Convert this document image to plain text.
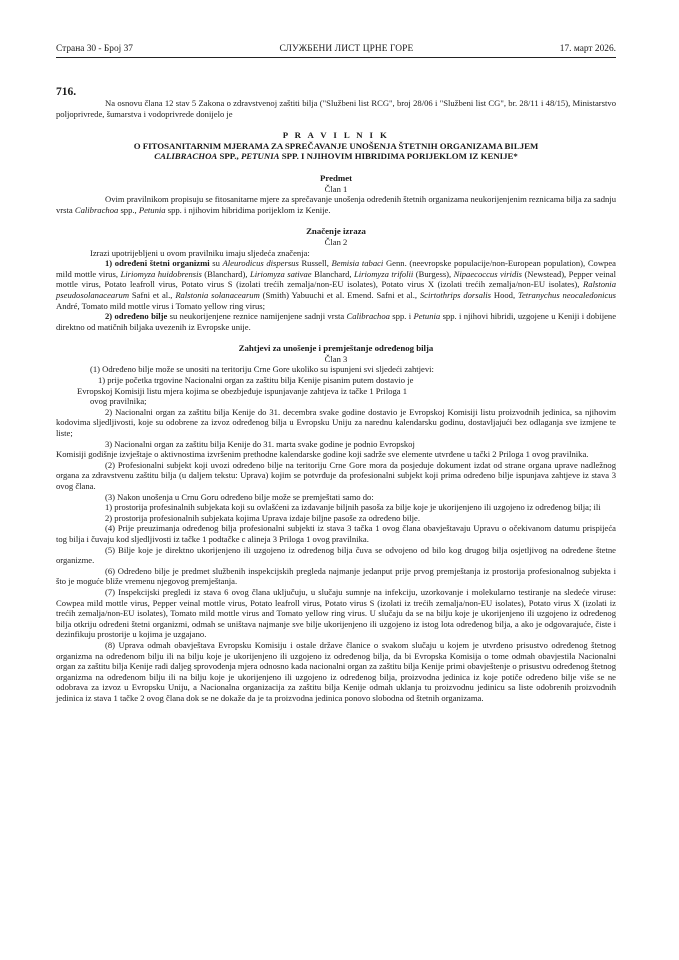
Страна 30 - Број 37	СЛУЖБЕНИ ЛИСТ ЦРНЕ ГОРЕ	17. март 2026.
716.

Na osnovu člana 12 stav 5 Zakona o zdravstvenoj zaštiti bilja ("Službeni list RCG", broj 28/06 i "Službeni list CG", br. 28/11 i 48/15), Ministarstvo poljoprivrede, šumarstva i vodoprivrede donijelo je

P R A V I L N I K
O FITOSANITARNIM MJERAMA ZA SPREČAVANJE UNOŠENJA ŠTETNIH ORGANIZAMA BILJEM
CALIBRACHOA SPP., PETUNIA SPP. I NJIHOVIM HIBRIDIMA PORIJEKLOM IZ KENIJE*
Predmet
Član 1

Ovim pravilnikom propisuju se fitosanitarne mjere za sprečavanje unošenja određenih štetnih organizama neukorijenjenim reznicama bilja za sadnju vrsta Calibrachoa spp., Petunia spp. i njihovim hibridima porijeklom iz Kenije.

Značenje izraza
Član 2

Izrazi upotrijebljeni u ovom pravilniku imaju sljedeća značenja:

1) određeni štetni organizmi su Aleurodicus dispersus Russell, Bemisia tabaci Genn. (neevropske populacije/non-European population), Cowpea mild mottle virus, Liriomyza huidobrensis (Blanchard), Liriomyza sativae Blanchard, Liriomyza trifolii (Burgess), Nipaecoccus viridis (Newstead), Pepper veinal mottle virus, Potato leafroll virus, Potato virus S (izolati trećih zemalja/non-EU isolates), Potato virus X (izolati trećih zemalja/non-EU isolates), Ralstonia pseudosolanacearum Safni et al., Ralstonia solanacearum (Smith) Yabuuchi et al. Emend. Safni et al., Scirtothrips dorsalis Hood, Tetranychus neocaledonicus André, Tomato mild mottle virus i Tomato yellow ring virus;

2) određeno bilje su neukorijenjene reznice namijenjene sadnji vrsta Calibrachoa spp. i Petunia spp. i njihovi hibridi, uzgojene u Keniji i dobijene direktno od matičnih biljaka uvezenih iz Evropske unije.

Zahtjevi za unošenje i premještanje određenog bilja
Član 3

(1) Određeno bilje može se unositi na teritoriju Crne Gore ukoliko su ispunjeni svi sljedeći zahtjevi:

1) prije početka trgovine Nacionalni organ za zaštitu bilja Kenije pisanim putem dostavio je

Evropskoj Komisiji listu mjera kojima se obezbjeđuje ispunjavanje zahtjeva iz tačke 1 Priloga 1

ovog pravilnika;

2) Nacionalni organ za zaštitu bilja Kenije do 31. decembra svake godine dostavio je Evropskoj Komisiji listu proizvodnih jedinica, sa njihovim kodovima sljedljivosti, koje su odobrene za izvoz određenog bilja u Evropsku Uniju za narednu kalendarsku godinu, dostavljajući bez odlaganja sve izmjene te liste;

3) Nacionalni organ za zaštitu bilja Kenije do 31. marta svake godine je podnio Evropskoj

Komisiji godišnje izvještaje o aktivnostima izvršenim prethodne kalendarske godine koji sadrže sve elemente utvrđene u tački 2 Priloga 1 ovog pravilnika.

(2) Profesionalni subjekt koji uvozi određeno bilje na teritoriju Crne Gore mora da posjeduje dokument izdat od strane organa uprave nadležnog organa za zdravstvenu zaštitu bilja (u daljem tekstu: Uprava) kojim se potvrđuje da profesionalni subjekt koji prima određeno bilje ispunjava zahtjeve iz stava 3 ovog člana.

(3) Nakon unošenja u Crnu Goru određeno bilje može se premještati samo do:

1) prostorija profesinalnih subjekata koji su ovlašćeni za izdavanje biljnih pasoša za bilje koje je ukorijenjeno ili uzgojeno iz određenog bilja; ili

2) prostorija profesionalnih subjekata kojima Uprava izdaje biljne pasoše za određeno bilje.

(4) Prije preuzimanja određenog bilja profesionalni subjekti iz stava 3 tačka 1 ovog člana obavještavaju Upravu o očekivanom datumu prispijeća tog bilja i čuvaju kod sljedljivosti iz tačke 1 podtačke c alineja 3 Priloga 1 ovog pravilnika.

(5) Bilje koje je direktno ukorijenjeno ili uzgojeno iz određenog bilja čuva se odvojeno od bilo kog drugog bilja osjetljivog na određene štetne organizme.

(6) Određeno bilje je predmet službenih inspekcijskih pregleda najmanje jedanput prije prvog premještanja iz prostorija profesionalnog subjekta i što je moguće bliže vremenu njegovog premještanja.

(7) Inspekcijski pregledi iz stava 6 ovog člana uključuju, u slučaju sumnje na infekciju, uzorkovanje i molekularno testiranje na sledeće viruse: Cowpea mild mottle virus, Pepper veinal mottle virus, Potato leafroll virus, Potato virus S (izolati iz trećih zemalja/non-EU isolates), Potato virus X (izolati iz trećih zemalja/non-EU isolates), Tomato mild mottle virus and Tomato yellow ring virus. U slučaju da se na bilju koje je ukorijenjeno ili uzgojeno iz određenog bilja otkriju određeni štetni organizmi, odmah se uništava najmanje sve bilje ukorijenjeno ili uzgojeno iz istog lota određenog bilja, a ako je odgovarajuće, čiste i dezinfikuju prostorije u kojima je uzgajano.

(8) Uprava odmah obavještava Evropsku Komisiju i ostale države članice o svakom slučaju u kojem je utvrđeno prisustvo određenog štetnog organizma na određenom bilju ili na bilju koje je ukorijenjeno ili uzgojeno iz određenog bilja, da bi Evropska Komisija o tome odmah obavjestila Nacionalni organ za zaštitu bilja Kenije radi daljeg sprovođenja mjera odnosno kada nacionalni organ za zaštitu bilja Kenije primi obavještenje o prisustvu određenog štetnog organizma na određenom bilju ili na bilju koje je ukorijenjeno ili uzgojeno iz određenog bilja, proizvodna jedinica iz koje potiče određeno bilje više se ne odobrava za izvoz u Evropsku Uniju, a Nacionalna organizacija za zaštitu bilja Kenije odmah uklanja tu proizvodnu jedinicu sa liste odobrenih proizvodnih jedinica iz stava 1 tačke 2 ovog člana dok se ne dokaže da je ta proizvodna jedinica ponovo slobodna od štetnih organizama.
